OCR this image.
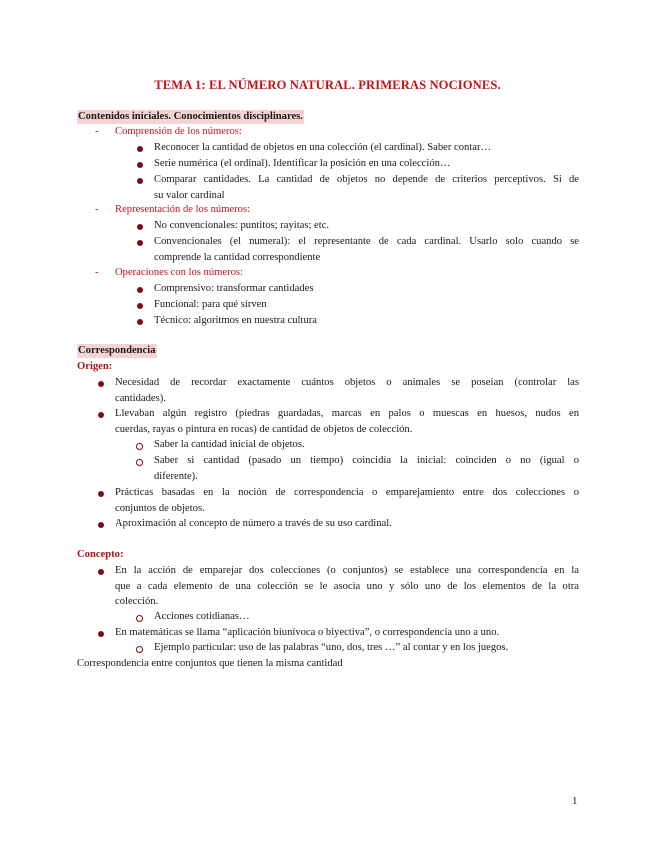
TEMA 1: EL NÚMERO NATURAL. PRIMERAS NOCIONES.
Contenidos iniciales. Conocimientos disciplinares.
- Comprensión de los números:
Reconocer la cantidad de objetos en una colección (el cardinal). Saber contar…
Serie numérica (el ordinal). Identificar la posición en una colección…
Comparar cantidades. La cantidad de objetos no depende de criterios perceptivos. Si de
su valor cardinal
- Representación de los números:
No convencionales: puntitos; rayitas; etc.
Convencionales (el numeral): el representante de cada cardinal. Usarlo solo cuando se
comprende la cantidad correspondiente
- Operaciones con los números:
Comprensivo: transformar cantidades
Funcional: para qué sirven
Técnico: algoritmos en nuestra cultura
Correspondencia
Origen:
Necesidad de recordar exactamente cuántos objetos o animales se poseían (controlar las
cantidades).
Llevaban algún registro (piedras guardadas, marcas en palos o muescas en huesos, nudos en
cuerdas, rayas o pintura en rocas) de cantidad de objetos de colección.
Saber la cantidad inicial de objetos.
Saber si cantidad (pasado un tiempo) coincidía la inicial: coinciden o no (igual o
diferente).
Prácticas basadas en la noción de correspondencia o emparejamiento entre dos colecciones o
conjuntos de objetos.
Aproximación al concepto de número a través de su uso cardinal.
Concepto:
En la acción de emparejar dos colecciones (o conjuntos) se establece una correspondencia en la
que a cada elemento de una colección se le asocia uno y sólo uno de los elementos de la otra
colección.
Acciones cotidianas…
En matemáticas se llama “aplicación biunívoca o biyectiva”, o correspondencia uno a uno.
Ejemplo particular: uso de las palabras “uno, dos, tres …” al contar y en los juegos.
Correspondencia entre conjuntos que tienen la misma cantidad
1
